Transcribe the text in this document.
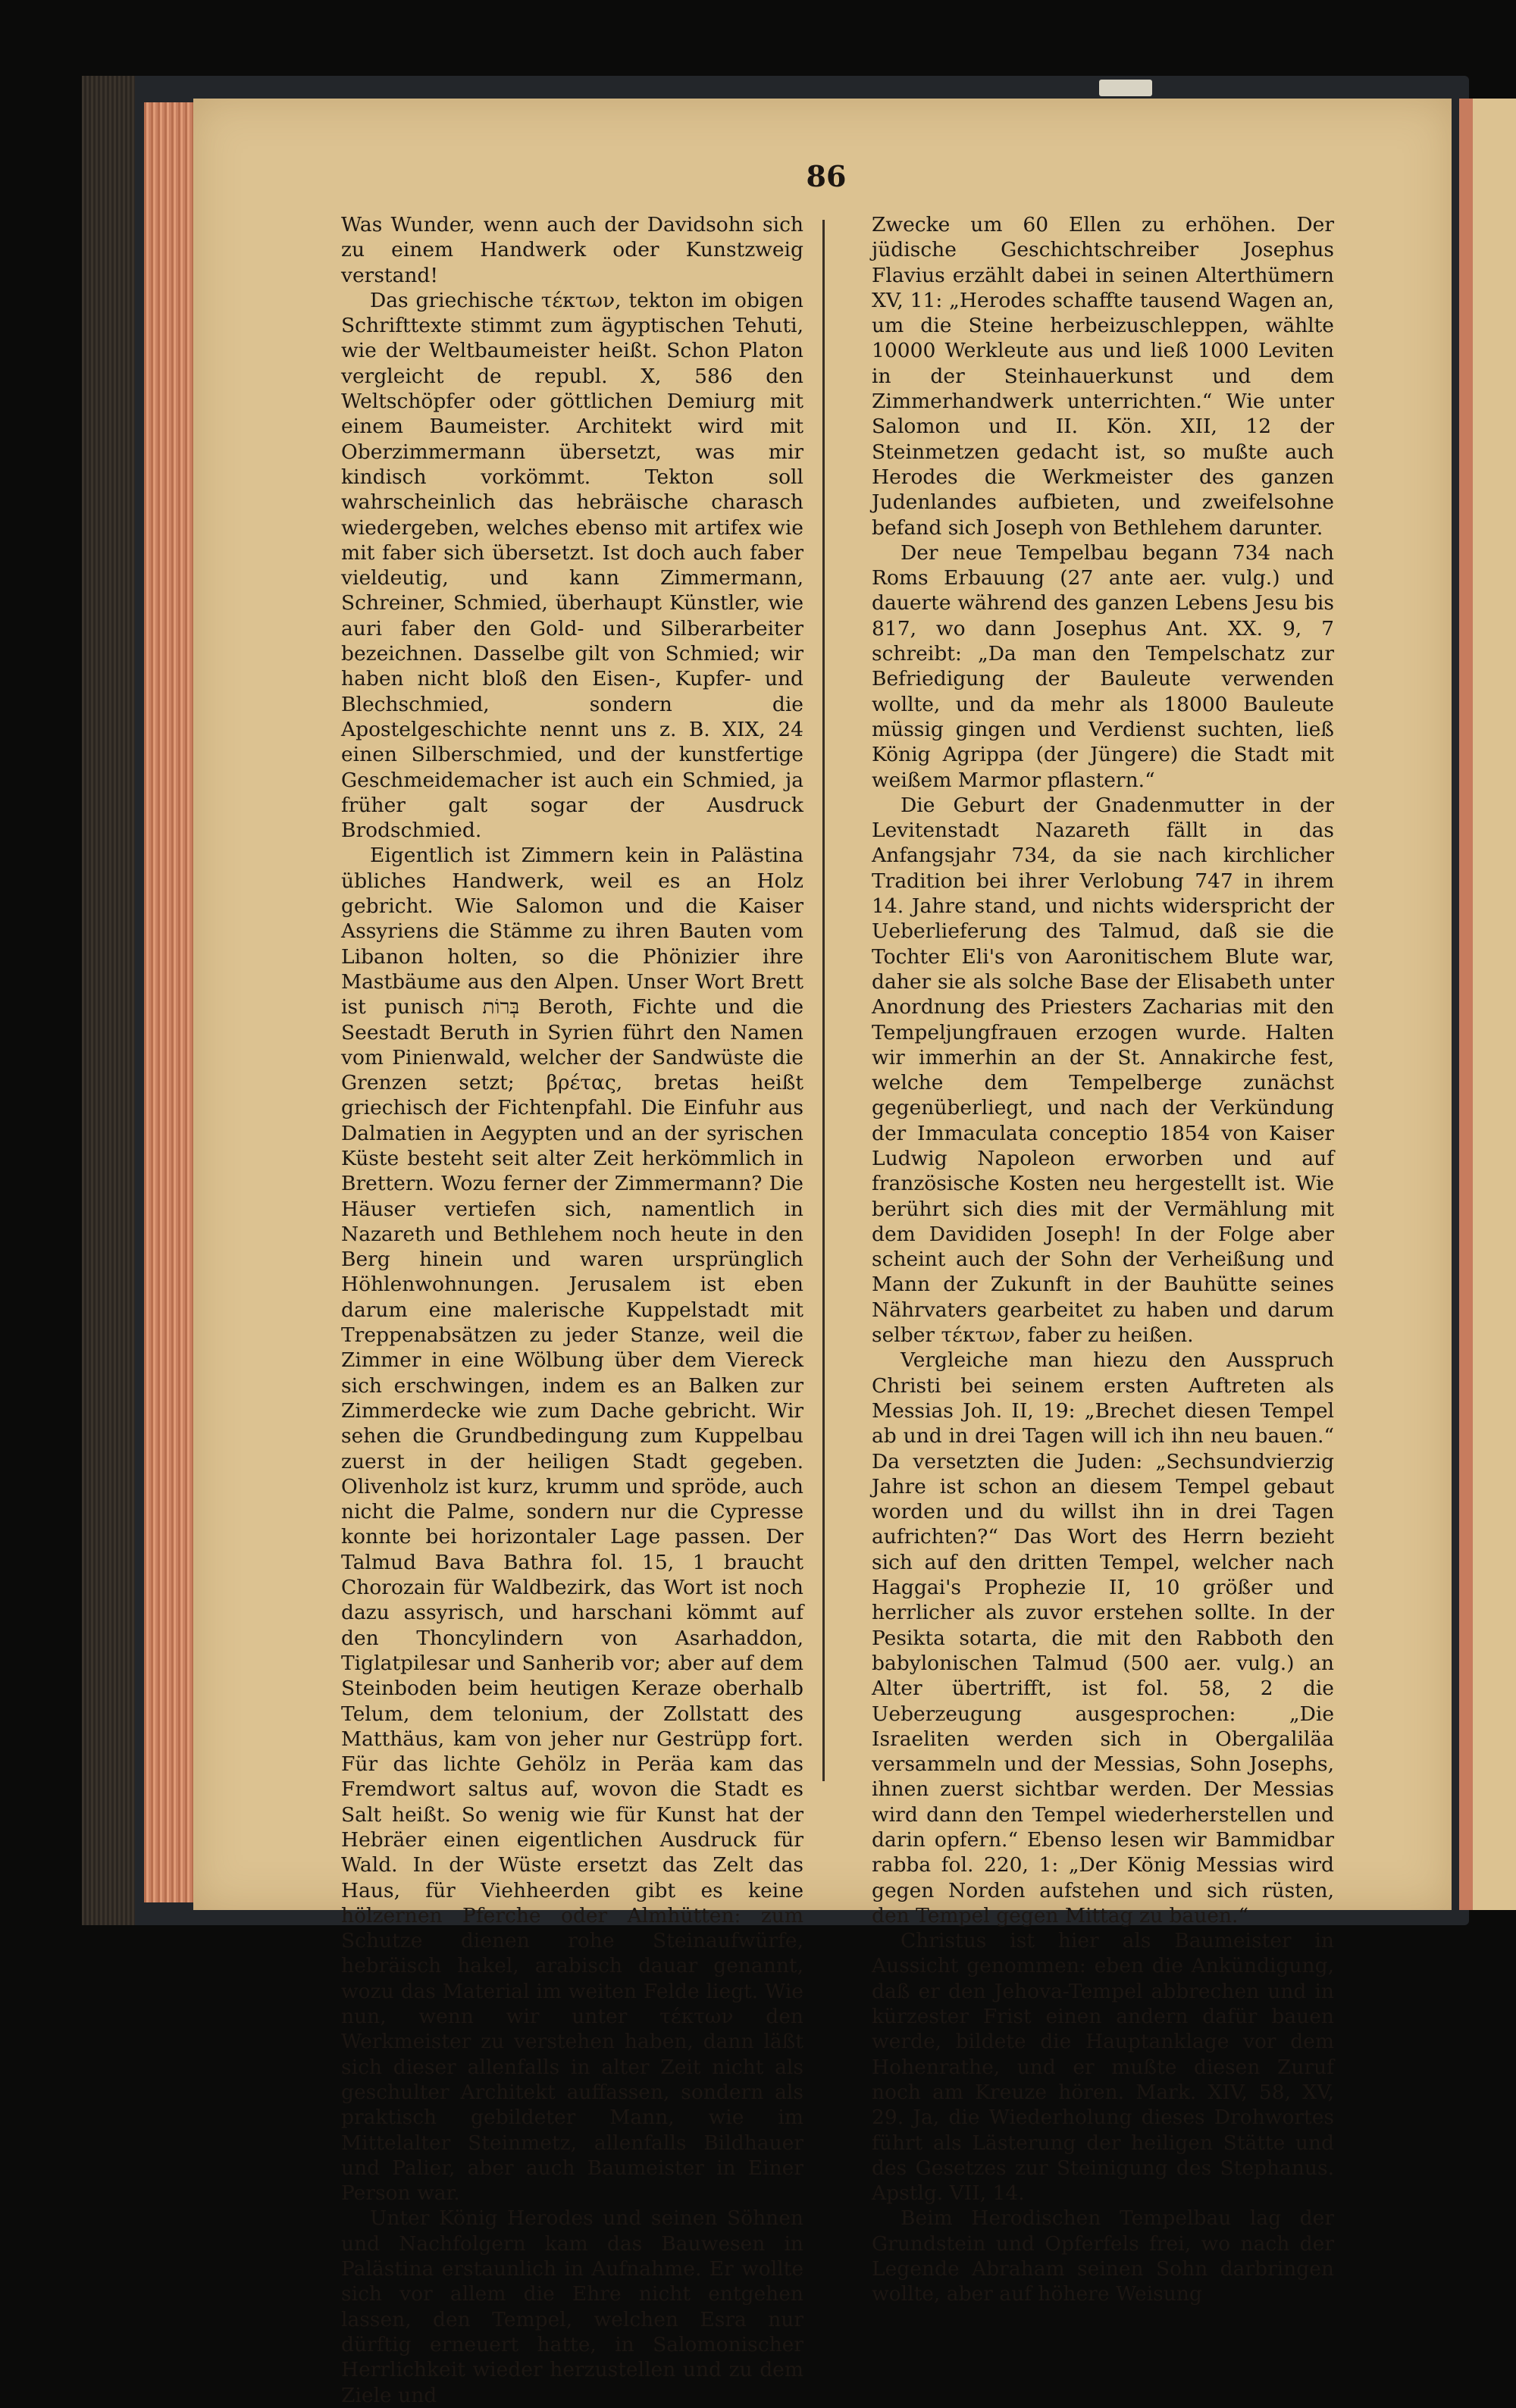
86

Was Wunder, wenn auch der Davidsohn sich zu einem Handwerk oder Kunstzweig verstand!

Das griechische τέκτων, tekton im obigen Schrifttexte stimmt zum ägyptischen Tehuti, wie der Weltbaumeister heißt. Schon Platon vergleicht de republ. X, 586 den Weltschöpfer oder göttlichen Demiurg mit einem Baumeister. Architekt wird mit Oberzimmermann übersetzt, was mir kindisch vorkömmt. Tekton soll wahrscheinlich das hebräische charasch wiedergeben, welches ebenso mit artifex wie mit faber sich übersetzt. Ist doch auch faber vieldeutig, und kann Zimmermann, Schreiner, Schmied, überhaupt Künstler, wie auri faber den Gold- und Silberarbeiter bezeichnen. Dasselbe gilt von Schmied; wir haben nicht bloß den Eisen-, Kupfer- und Blechschmied, sondern die Apostelgeschichte nennt uns z. B. XIX, 24 einen Silberschmied, und der kunstfertige Geschmeidemacher ist auch ein Schmied, ja früher galt sogar der Ausdruck Brodschmied.

Eigentlich ist Zimmern kein in Palästina übliches Handwerk, weil es an Holz gebricht. Wie Salomon und die Kaiser Assyriens die Stämme zu ihren Bauten vom Libanon holten, so die Phönizier ihre Mastbäume aus den Alpen. Unser Wort Brett ist punisch בְּרוֹת Beroth, Fichte und die Seestadt Beruth in Syrien führt den Namen vom Pinienwald, welcher der Sandwüste die Grenzen setzt; βρέτας, bretas heißt griechisch der Fichtenpfahl. Die Einfuhr aus Dalmatien in Aegypten und an der syrischen Küste besteht seit alter Zeit herkömmlich in Brettern. Wozu ferner der Zimmermann? Die Häuser vertiefen sich, namentlich in Nazareth und Bethlehem noch heute in den Berg hinein und waren ursprünglich Höhlenwohnungen. Jerusalem ist eben darum eine malerische Kuppelstadt mit Treppenabsätzen zu jeder Stanze, weil die Zimmer in eine Wölbung über dem Viereck sich erschwingen, indem es an Balken zur Zimmerdecke wie zum Dache gebricht. Wir sehen die Grundbedingung zum Kuppelbau zuerst in der heiligen Stadt gegeben. Olivenholz ist kurz, krumm und spröde, auch nicht die Palme, sondern nur die Cypresse konnte bei horizontaler Lage passen. Der Talmud Bava Bathra fol. 15, 1 braucht Chorozain für Waldbezirk, das Wort ist noch dazu assyrisch, und harschani kömmt auf den Thoncylindern von Asarhaddon, Tiglatpilesar und Sanherib vor; aber auf dem Steinboden beim heutigen Keraze oberhalb Telum, dem telonium, der Zollstatt des Matthäus, kam von jeher nur Gestrüpp fort. Für das lichte Gehölz in Peräa kam das Fremdwort saltus auf, wovon die Stadt es Salt heißt. So wenig wie für Kunst hat der Hebräer einen eigentlichen Ausdruck für Wald. In der Wüste ersetzt das Zelt das Haus, für Viehheerden gibt es keine hölzernen Pferche oder Almhütten: zum Schutze dienen rohe Steinaufwürfe, hebräisch hakel, arabisch dauar genannt, wozu das Material im weiten Felde liegt. Wie nun, wenn wir unter τέκτων den Werkmeister zu verstehen haben, dann läßt sich dieser allenfalls in alter Zeit nicht als geschulter Architekt auffassen, sondern als praktisch gebildeter Mann, wie im Mittelalter Steinmetz, allenfalls Bildhauer und Palier, aber auch Baumeister in Einer Person war.

Unter König Herodes und seinen Söhnen und Nachfolgern kam das Bauwesen in Palästina erstaunlich in Aufnahme. Er wollte sich vor allem die Ehre nicht entgehen lassen, den Tempel, welchen Esra nur dürftig erneuert hatte, in Salomonischer Herrlichkeit wieder herzustellen und zu dem Ziele und

Zwecke um 60 Ellen zu erhöhen. Der jüdische Geschichtschreiber Josephus Flavius erzählt dabei in seinen Alterthümern XV, 11: „Herodes schaffte tausend Wagen an, um die Steine herbeizuschleppen, wählte 10000 Werkleute aus und ließ 1000 Leviten in der Steinhauerkunst und dem Zimmerhandwerk unterrichten.“ Wie unter Salomon und II. Kön. XII, 12 der Steinmetzen gedacht ist, so mußte auch Herodes die Werkmeister des ganzen Judenlandes aufbieten, und zweifelsohne befand sich Joseph von Bethlehem darunter.

Der neue Tempelbau begann 734 nach Roms Erbauung (27 ante aer. vulg.) und dauerte während des ganzen Lebens Jesu bis 817, wo dann Josephus Ant. XX. 9, 7 schreibt: „Da man den Tempelschatz zur Befriedigung der Bauleute verwenden wollte, und da mehr als 18000 Bauleute müssig gingen und Verdienst suchten, ließ König Agrippa (der Jüngere) die Stadt mit weißem Marmor pflastern.“

Die Geburt der Gnadenmutter in der Levitenstadt Nazareth fällt in das Anfangsjahr 734, da sie nach kirchlicher Tradition bei ihrer Verlobung 747 in ihrem 14. Jahre stand, und nichts widerspricht der Ueberlieferung des Talmud, daß sie die Tochter Eli's von Aaronitischem Blute war, daher sie als solche Base der Elisabeth unter Anordnung des Priesters Zacharias mit den Tempeljungfrauen erzogen wurde. Halten wir immerhin an der St. Annakirche fest, welche dem Tempelberge zunächst gegenüberliegt, und nach der Verkündung der Immaculata conceptio 1854 von Kaiser Ludwig Napoleon erworben und auf französische Kosten neu hergestellt ist. Wie berührt sich dies mit der Vermählung mit dem Davididen Joseph! In der Folge aber scheint auch der Sohn der Verheißung und Mann der Zukunft in der Bauhütte seines Nährvaters gearbeitet zu haben und darum selber τέκτων, faber zu heißen.

Vergleiche man hiezu den Ausspruch Christi bei seinem ersten Auftreten als Messias Joh. II, 19: „Brechet diesen Tempel ab und in drei Tagen will ich ihn neu bauen.“ Da versetzten die Juden: „Sechsundvierzig Jahre ist schon an diesem Tempel gebaut worden und du willst ihn in drei Tagen aufrichten?“ Das Wort des Herrn bezieht sich auf den dritten Tempel, welcher nach Haggai's Prophezie II, 10 größer und herrlicher als zuvor erstehen sollte. In der Pesikta sotarta, die mit den Rabboth den babylonischen Talmud (500 aer. vulg.) an Alter übertrifft, ist fol. 58, 2 die Ueberzeugung ausgesprochen: „Die Israeliten werden sich in Obergaliläa versammeln und der Messias, Sohn Josephs, ihnen zuerst sichtbar werden. Der Messias wird dann den Tempel wiederherstellen und darin opfern.“ Ebenso lesen wir Bammidbar rabba fol. 220, 1: „Der König Messias wird gegen Norden aufstehen und sich rüsten, den Tempel gegen Mittag zu bauen.“

Christus ist hier als Baumeister in Aussicht genommen: eben die Ankündigung, daß er den Jehova-Tempel abbrechen und in kürzester Frist einen andern dafür bauen werde, bildete die Hauptanklage vor dem Hohenrathe, und er mußte diesen Zuruf noch am Kreuze hören. Mark. XIV, 58, XV, 29. Ja, die Wiederholung dieses Drohwortes führt als Lästerung der heiligen Stätte und des Gesetzes zur Steinigung des Stephanus. Apstlg. VII, 14.

Beim Herodischen Tempelbau lag der Grundstein und Opferfels frei, wo nach der Legende Abraham seinen Sohn darbringen wollte, aber auf höhere Weisung
